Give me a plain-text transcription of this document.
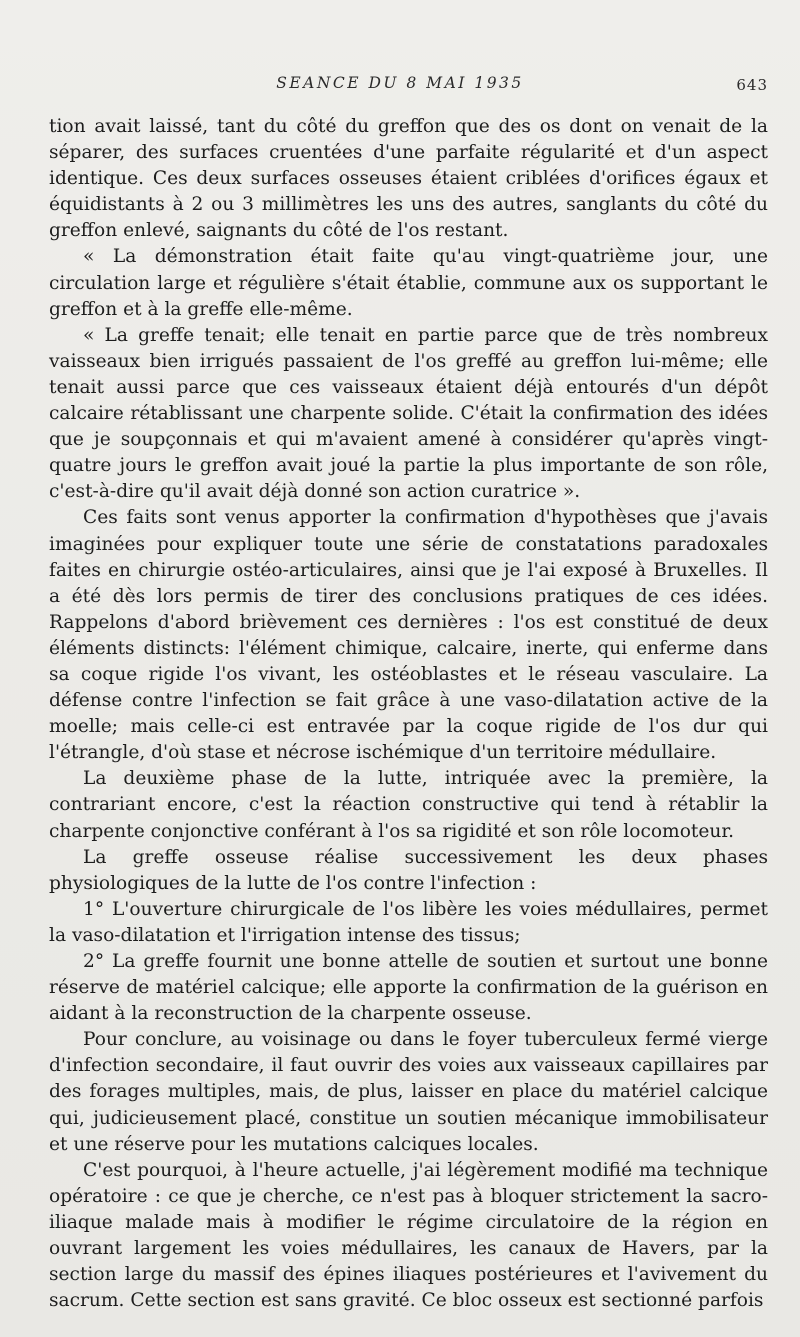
SEANCE DU 8 MAI 1935	643

tion avait laissé, tant du côté du greffon que des os dont on venait de la séparer, des surfaces cruentées d'une parfaite régularité et d'un aspect identique. Ces deux surfaces osseuses étaient criblées d'orifices égaux et équidistants à 2 ou 3 millimètres les uns des autres, sanglants du côté du greffon enlevé, saignants du côté de l'os restant.

« La démonstration était faite qu'au vingt-quatrième jour, une circulation large et régulière s'était établie, commune aux os supportant le greffon et à la greffe elle-même.

« La greffe tenait; elle tenait en partie parce que de très nombreux vaisseaux bien irrigués passaient de l'os greffé au greffon lui-même; elle tenait aussi parce que ces vaisseaux étaient déjà entourés d'un dépôt calcaire rétablissant une charpente solide. C'était la confirmation des idées que je soupçonnais et qui m'avaient amené à considérer qu'après vingt-quatre jours le greffon avait joué la partie la plus importante de son rôle, c'est-à-dire qu'il avait déjà donné son action curatrice ».

Ces faits sont venus apporter la confirmation d'hypothèses que j'avais imaginées pour expliquer toute une série de constatations paradoxales faites en chirurgie ostéo-articulaires, ainsi que je l'ai exposé à Bruxelles. Il a été dès lors permis de tirer des conclusions pratiques de ces idées. Rappelons d'abord brièvement ces dernières : l'os est constitué de deux éléments distincts: l'élément chimique, calcaire, inerte, qui enferme dans sa coque rigide l'os vivant, les ostéoblastes et le réseau vasculaire. La défense contre l'infection se fait grâce à une vaso-dilatation active de la moelle; mais celle-ci est entravée par la coque rigide de l'os dur qui l'étrangle, d'où stase et nécrose ischémique d'un territoire médullaire.

La deuxième phase de la lutte, intriquée avec la première, la contrariant encore, c'est la réaction constructive qui tend à rétablir la charpente conjonctive conférant à l'os sa rigidité et son rôle locomoteur.

La greffe osseuse réalise successivement les deux phases physiologiques de la lutte de l'os contre l'infection :

1° L'ouverture chirurgicale de l'os libère les voies médullaires, permet la vaso-dilatation et l'irrigation intense des tissus;

2° La greffe fournit une bonne attelle de soutien et surtout une bonne réserve de matériel calcique; elle apporte la confirmation de la guérison en aidant à la reconstruction de la charpente osseuse.

Pour conclure, au voisinage ou dans le foyer tuberculeux fermé vierge d'infection secondaire, il faut ouvrir des voies aux vaisseaux capillaires par des forages multiples, mais, de plus, laisser en place du matériel calcique qui, judicieusement placé, constitue un soutien mécanique immobilisateur et une réserve pour les mutations calciques locales.

C'est pourquoi, à l'heure actuelle, j'ai légèrement modifié ma technique opératoire : ce que je cherche, ce n'est pas à bloquer strictement la sacro-iliaque malade mais à modifier le régime circulatoire de la région en ouvrant largement les voies médullaires, les canaux de Havers, par la section large du massif des épines iliaques postérieures et l'avivement du sacrum. Cette section est sans gravité. Ce bloc osseux est sectionné parfois
